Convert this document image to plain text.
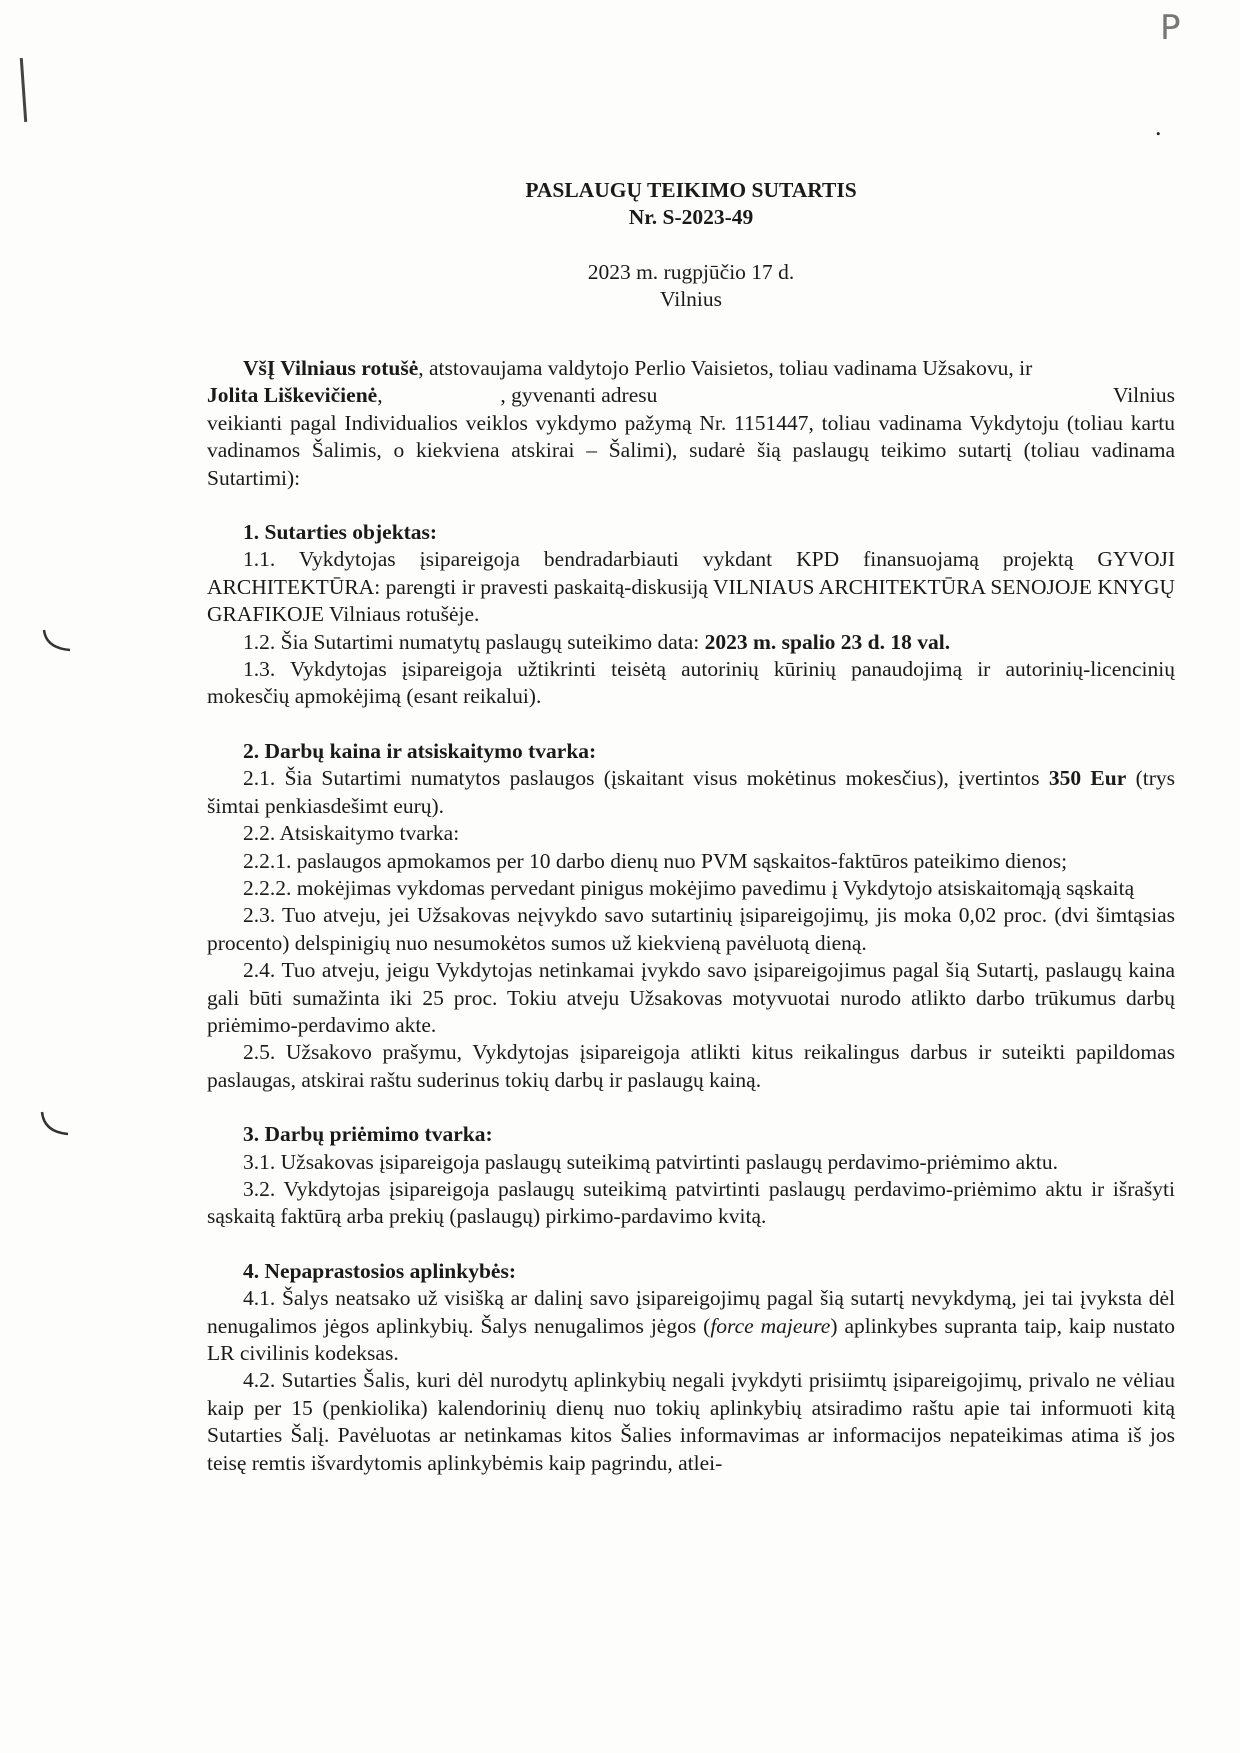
P
.

PASLAUGŲ TEIKIMO SUTARTIS

Nr. S-2023-49

2023 m. rugpjūčio 17 d.

Vilnius

VšĮ Vilniaus rotušė, atstovaujama valdytojo Perlio Vaisietos, toliau vadinama Užsakovu, ir

Jolita Liškevičienė,	, gyvenanti adresu	Vilnius

veikianti pagal Individualios veiklos vykdymo pažymą Nr. 1151447, toliau vadinama Vykdytoju (toliau kartu vadinamos Šalimis, o kiekviena atskirai – Šalimi), sudarė šią paslaugų teikimo sutartį (toliau vadinama Sutartimi):

1. Sutarties objektas:

1.1. Vykdytojas įsipareigoja bendradarbiauti vykdant KPD finansuojamą projektą GYVOJI ARCHITEKTŪRA: parengti ir pravesti paskaitą-diskusiją VILNIAUS ARCHITEKTŪRA SENOJOJE KNYGŲ GRAFIKOJE Vilniaus rotušėje.

1.2. Šia Sutartimi numatytų paslaugų suteikimo data: 2023 m. spalio 23 d. 18 val.

1.3. Vykdytojas įsipareigoja užtikrinti teisėtą autorinių kūrinių panaudojimą ir autorinių-licencinių mokesčių apmokėjimą (esant reikalui).

2. Darbų kaina ir atsiskaitymo tvarka:

2.1. Šia Sutartimi numatytos paslaugos (įskaitant visus mokėtinus mokesčius), įvertintos 350 Eur (trys šimtai penkiasdešimt eurų).

2.2. Atsiskaitymo tvarka:

2.2.1. paslaugos apmokamos per 10 darbo dienų nuo PVM sąskaitos-faktūros pateikimo dienos;

2.2.2. mokėjimas vykdomas pervedant pinigus mokėjimo pavedimu į Vykdytojo atsiskaitomąją sąskaitą

2.3. Tuo atveju, jei Užsakovas neįvykdo savo sutartinių įsipareigojimų, jis moka 0,02 proc. (dvi šimtąsias procento) delspinigių nuo nesumokėtos sumos už kiekvieną pavėluotą dieną.

2.4. Tuo atveju, jeigu Vykdytojas netinkamai įvykdo savo įsipareigojimus pagal šią Sutartį, paslaugų kaina gali būti sumažinta iki 25 proc. Tokiu atveju Užsakovas motyvuotai nurodo atlikto darbo trūkumus darbų priėmimo-perdavimo akte.

2.5. Užsakovo prašymu, Vykdytojas įsipareigoja atlikti kitus reikalingus darbus ir suteikti papildomas paslaugas, atskirai raštu suderinus tokių darbų ir paslaugų kainą.

3. Darbų priėmimo tvarka:

3.1. Užsakovas įsipareigoja paslaugų suteikimą patvirtinti paslaugų perdavimo-priėmimo aktu.

3.2. Vykdytojas įsipareigoja paslaugų suteikimą patvirtinti paslaugų perdavimo-priėmimo aktu ir išrašyti sąskaitą faktūrą arba prekių (paslaugų) pirkimo-pardavimo kvitą.

4. Nepaprastosios aplinkybės:

4.1. Šalys neatsako už visišką ar dalinį savo įsipareigojimų pagal šią sutartį nevykdymą, jei tai įvyksta dėl nenugalimos jėgos aplinkybių. Šalys nenugalimos jėgos (force majeure) aplinkybes supranta taip, kaip nustato LR civilinis kodeksas.

4.2. Sutarties Šalis, kuri dėl nurodytų aplinkybių negali įvykdyti prisiimtų įsipareigojimų, privalo ne vėliau kaip per 15 (penkiolika) kalendorinių dienų nuo tokių aplinkybių atsiradimo raštu apie tai informuoti kitą Sutarties Šalį. Pavėluotas ar netinkamas kitos Šalies informavimas ar informacijos nepateikimas atima iš jos teisę remtis išvardytomis aplinkybėmis kaip pagrindu, atlei-
